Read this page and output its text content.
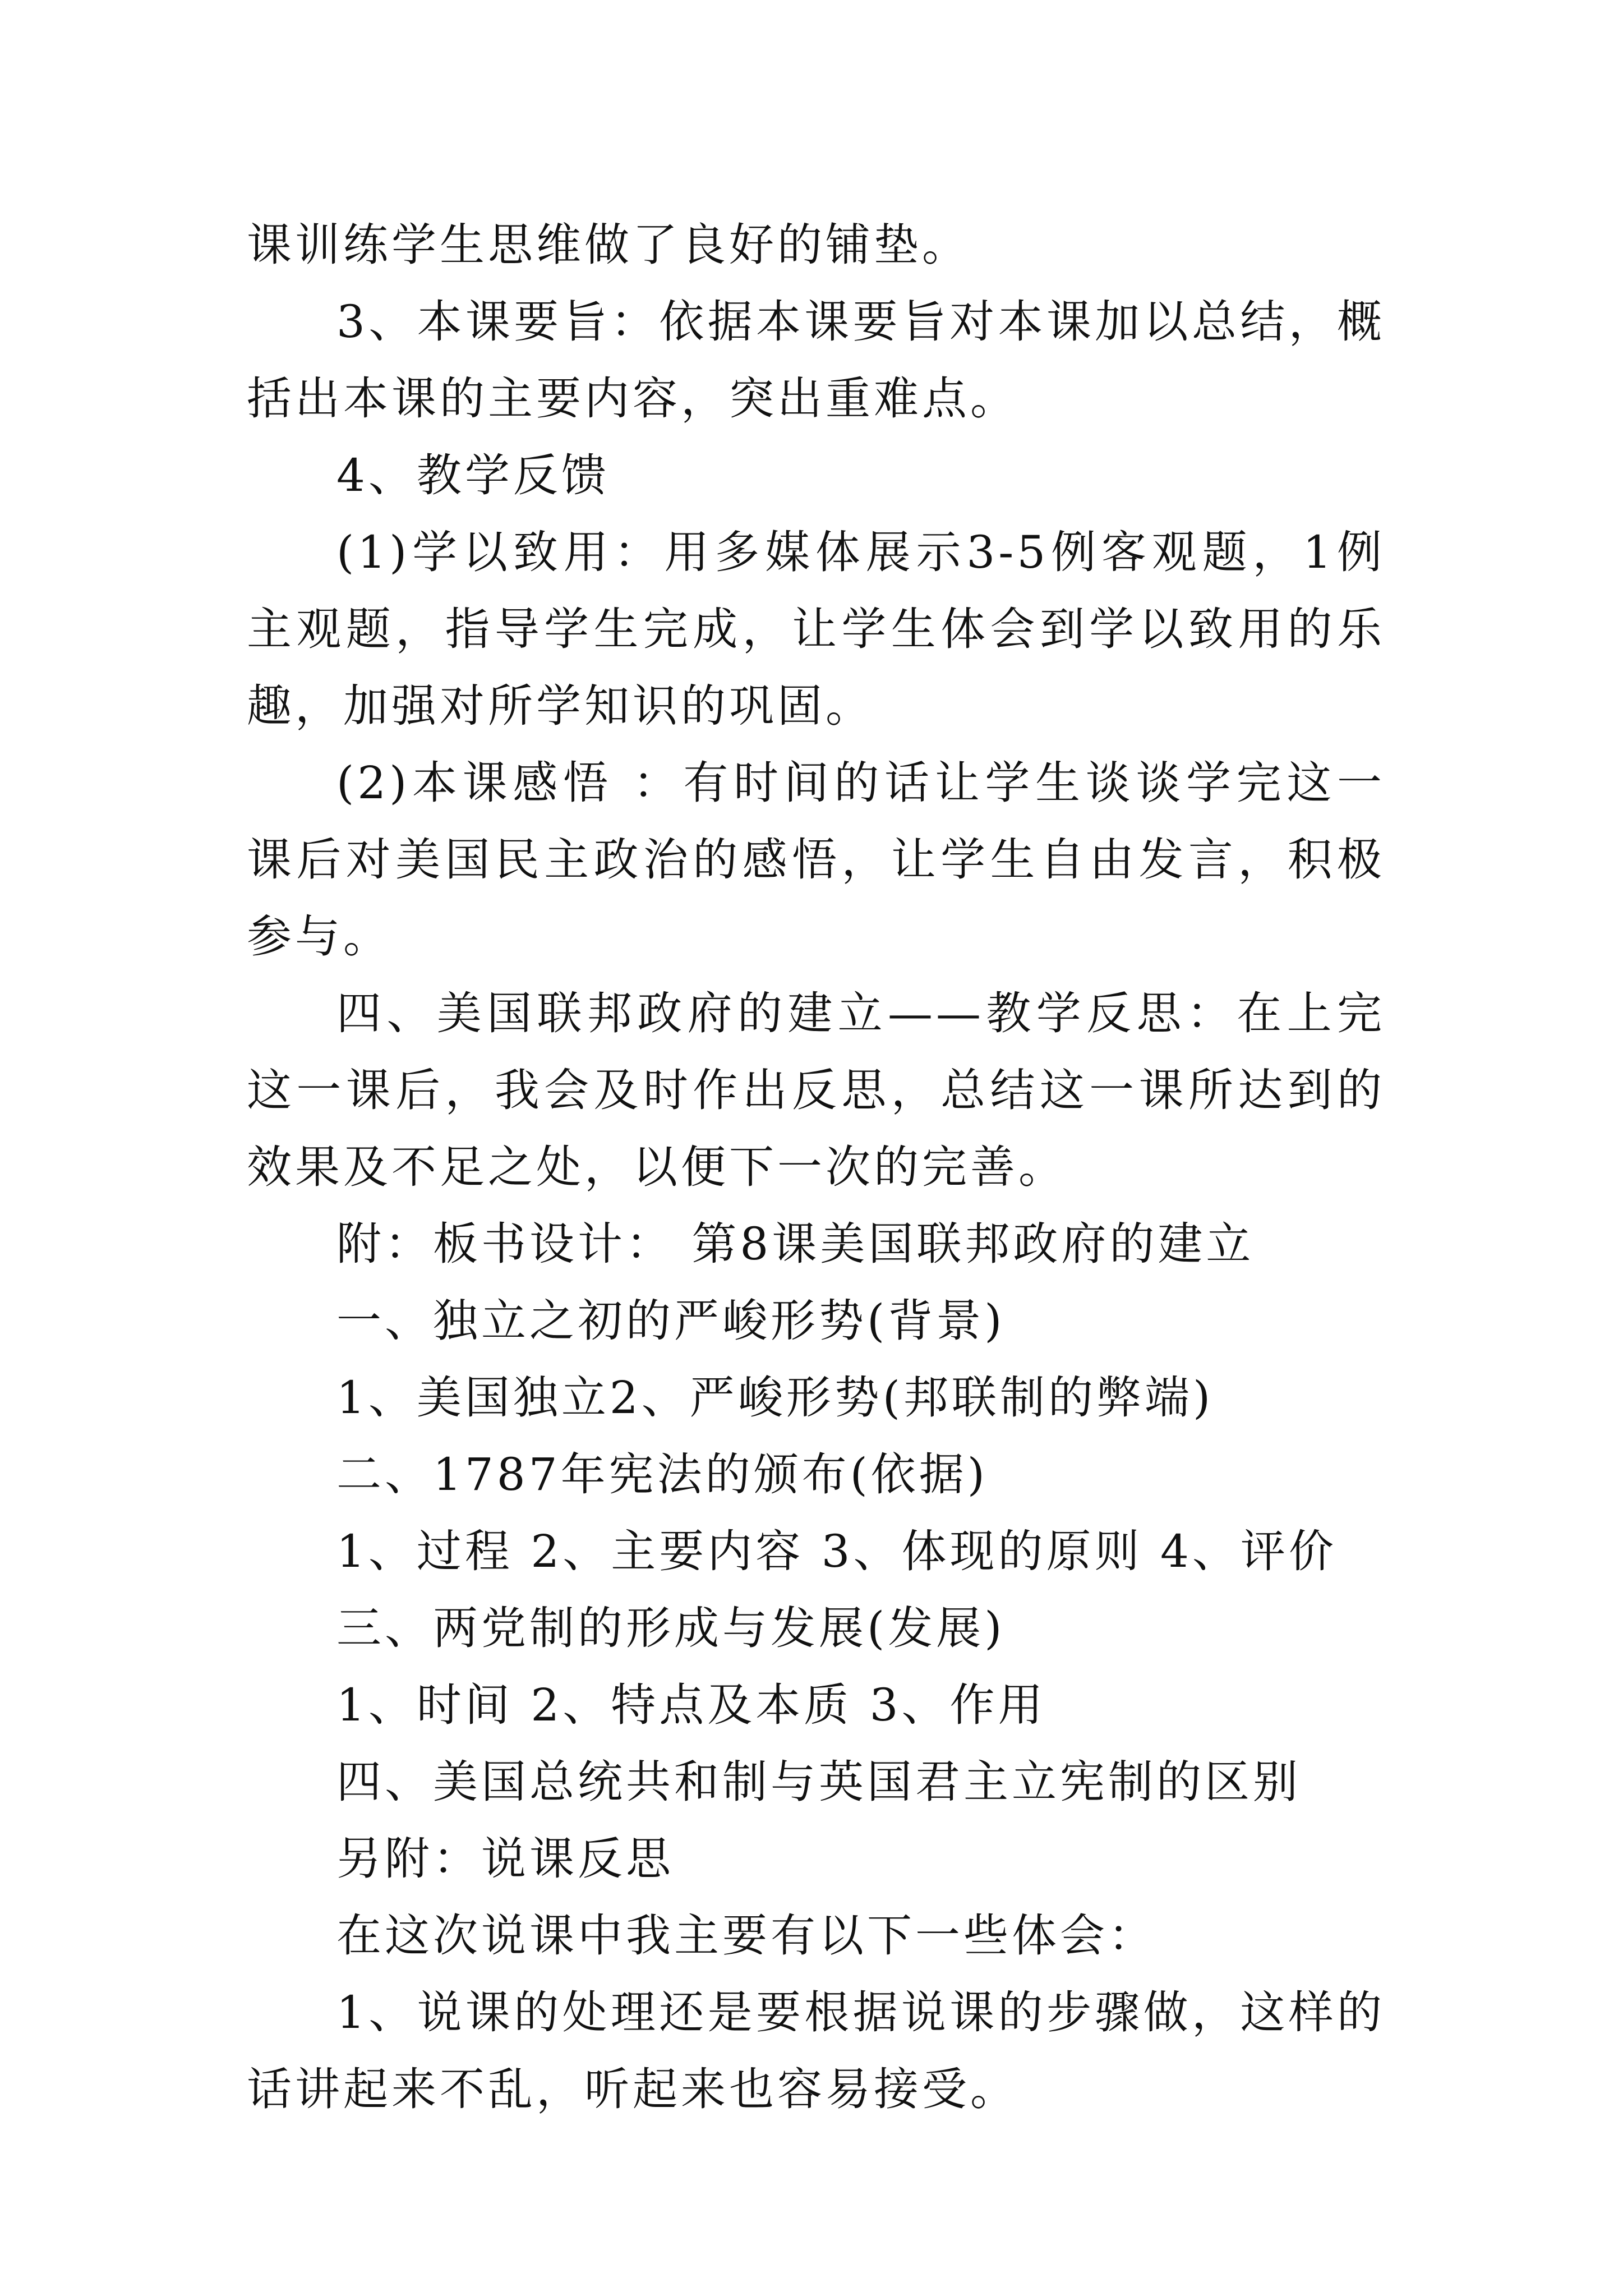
课训练学生思维做了良好的铺垫。

3、本课要旨：依据本课要旨对本课加以总结，概括出本课的主要内容，突出重难点。

4、教学反馈

(1)学以致用：用多媒体展示3-5例客观题，1例主观题，指导学生完成，让学生体会到学以致用的乐趣，加强对所学知识的巩固。

(2)本课感悟 ：有时间的话让学生谈谈学完这一课后对美国民主政治的感悟，让学生自由发言，积极参与。

四、美国联邦政府的建立——教学反思：在上完这一课后，我会及时作出反思，总结这一课所达到的效果及不足之处，以便下一次的完善。

附：板书设计： 第8课美国联邦政府的建立

一、独立之初的严峻形势(背景)

1、美国独立2、严峻形势(邦联制的弊端)

二、1787年宪法的颁布(依据)

1、过程 2、主要内容 3、体现的原则 4、评价

三、两党制的形成与发展(发展)

1、时间 2、特点及本质 3、作用

四、美国总统共和制与英国君主立宪制的区别

另附：说课反思

在这次说课中我主要有以下一些体会：

1、说课的处理还是要根据说课的步骤做，这样的话讲起来不乱，听起来也容易接受。
